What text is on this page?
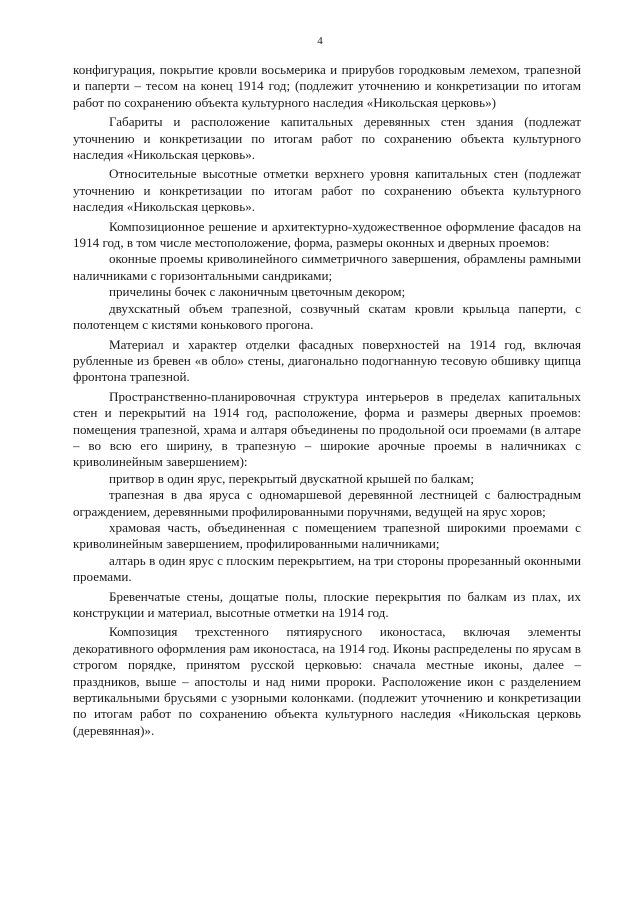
4

конфигурация, покрытие кровли восьмерика и прирубов городковым лемехом, трапезной и паперти – тесом на конец 1914 год; (подлежит уточнению и конкретизации по итогам работ по сохранению объекта культурного наследия «Никольская церковь»)

Габариты и расположение капитальных деревянных стен здания (подлежат уточнению и конкретизации по итогам работ по сохранению объекта культурного наследия «Никольская церковь».

Относительные высотные отметки верхнего уровня капитальных стен (подлежат уточнению и конкретизации по итогам работ по сохранению объекта культурного наследия «Никольская церковь».

Композиционное решение и архитектурно-художественное оформление фасадов на 1914 год, в том числе местоположение, форма, размеры оконных и дверных проемов:

оконные проемы криволинейного симметричного завершения, обрамлены рамными наличниками с горизонтальными сандриками;

причелины бочек с лаконичным цветочным декором;

двухскатный объем трапезной, созвучный скатам кровли крыльца паперти, с полотенцем с кистями конькового прогона.

Материал и характер отделки фасадных поверхностей на 1914 год, включая рубленные из бревен «в обло» стены, диагонально подогнанную тесовую обшивку щипца фронтона трапезной.

Пространственно-планировочная структура интерьеров в пределах капитальных стен и перекрытий на 1914 год, расположение, форма и размеры дверных проемов: помещения трапезной, храма и алтаря объединены по продольной оси проемами (в алтаре – во всю его ширину, в трапезную – широкие арочные проемы в наличниках с криволинейным завершением):

притвор в один ярус, перекрытый двускатной крышей по балкам;

трапезная в два яруса с одномаршевой деревянной лестницей с балюстрадным ограждением, деревянными профилированными поручнями, ведущей на ярус хоров;

храмовая часть, объединенная с помещением трапезной широкими проемами с криволинейным завершением, профилированными наличниками;

алтарь в один ярус с плоским перекрытием, на три стороны прорезанный оконными проемами.

Бревенчатые стены, дощатые полы, плоские перекрытия по балкам из плах, их конструкции и материал, высотные отметки на 1914 год.

Композиция трехстенного пятиярусного иконостаса, включая элементы декоративного оформления рам иконостаса, на 1914 год. Иконы распределены по ярусам в строгом порядке, принятом русской церковью: сначала местные иконы, далее – праздников, выше – апостолы и над ними пророки. Расположение икон с разделением вертикальными брусьями с узорными колонками. (подлежит уточнению и конкретизации по итогам работ по сохранению объекта культурного наследия «Никольская церковь (деревянная)».
